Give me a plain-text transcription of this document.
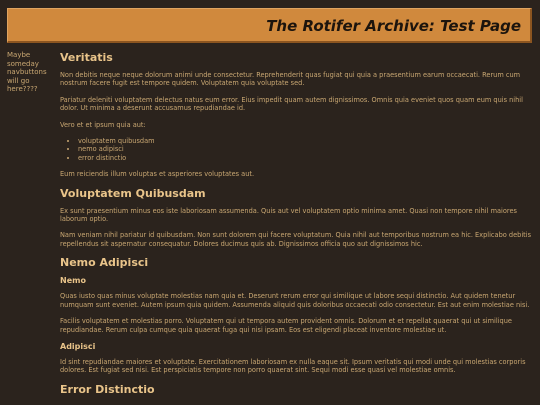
The Rotifer Archive: Test Page
Maybe someday navbuttons will go here????
Veritatis

Non debitis neque neque dolorum animi unde consectetur. Reprehenderit quas fugiat qui quia a praesentium earum occaecati. Rerum cum nostrum facere fugit est tempore quidem. Voluptatem quia voluptate sed.

Pariatur deleniti voluptatem delectus natus eum error. Eius impedit quam autem dignissimos. Omnis quia eveniet quos quam eum quis nihil dolor. Ut minima a deserunt accusamus repudiandae id.

Vero et et ipsum quia aut:

• voluptatem quibusdam
• nemo adipisci
• error distinctio

Eum reiciendis illum voluptas et asperiores voluptates aut.

Voluptatem Quibusdam

Ex sunt praesentium minus eos iste laboriosam assumenda. Quis aut vel voluptatem optio minima amet. Quasi non tempore nihil maiores laborum optio.

Nam veniam nihil pariatur id quibusdam. Non sunt dolorem qui facere voluptatum. Quia nihil aut temporibus nostrum ea hic. Explicabo debitis repellendus sit aspernatur consequatur. Dolores ducimus quis ab. Dignissimos officia quo aut dignissimos hic.

Nemo Adipisci
Nemo

Quas iusto quas minus voluptate molestias nam quia et. Deserunt rerum error qui similique ut labore sequi distinctio. Aut quidem tenetur numquam sunt eveniet. Autem ipsum quia quidem. Assumenda aliquid quis doloribus occaecati odio consectetur. Est aut enim molestiae nisi.

Facilis voluptatem et molestias porro. Voluptatem qui ut tempora autem provident omnis. Dolorum et et repellat quaerat qui ut similique repudiandae. Rerum culpa cumque quia quaerat fuga qui nisi ipsam. Eos est eligendi placeat inventore molestiae ut.

Adipisci

Id sint repudiandae maiores et voluptate. Exercitationem laboriosam ex nulla eaque sit. Ipsum veritatis qui modi unde qui molestias corporis dolores. Est fugiat sed nisi. Est perspiciatis tempore non porro quaerat sint. Sequi modi esse quasi vel molestiae omnis.

Error Distinctio
